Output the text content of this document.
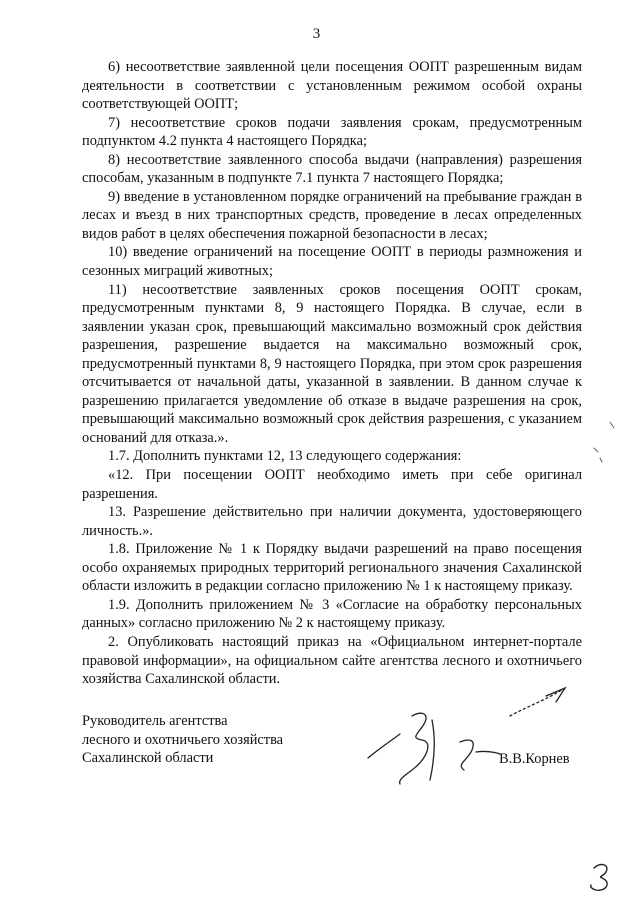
3

6) несоответствие заявленной цели посещения ООПТ разрешенным видам деятельности в соответствии с установленным режимом особой охраны соответствующей ООПТ;

7) несоответствие сроков подачи заявления срокам, предусмотренным подпунктом 4.2 пункта 4 настоящего Порядка;

8) несоответствие заявленного способа выдачи (направления) разрешения способам, указанным в подпункте 7.1 пункта 7 настоящего Порядка;

9) введение в установленном порядке ограничений на пребывание граждан в лесах и въезд в них транспортных средств, проведение в лесах определенных видов работ в целях обеспечения пожарной безопасности в лесах;

10) введение ограничений на посещение ООПТ в периоды размножения и сезонных миграций животных;

11) несоответствие заявленных сроков посещения ООПТ срокам, предусмотренным пунктами 8, 9 настоящего Порядка. В случае, если в заявлении указан срок, превышающий максимально возможный срок действия разрешения, разрешение выдается на максимально возможный срок, предусмотренный пунктами 8, 9 настоящего Порядка, при этом срок разрешения отсчитывается от начальной даты, указанной в заявлении. В данном случае к разрешению прилагается уведомление об отказе в выдаче разрешения на срок, превышающий максимально возможный срок действия разрешения, с указанием оснований для отказа.».

1.7. Дополнить пунктами 12, 13 следующего содержания:

«12. При посещении ООПТ необходимо иметь при себе оригинал разрешения.

13. Разрешение действительно при наличии документа, удостоверяющего личность.».

1.8. Приложение № 1 к Порядку выдачи разрешений на право посещения особо охраняемых природных территорий регионального значения Сахалинской области изложить в редакции согласно приложению № 1 к настоящему приказу.

1.9. Дополнить приложением № 3 «Согласие на обработку персональных данных» согласно приложению № 2 к настоящему приказу.

2. Опубликовать настоящий приказ на «Официальном интернет-портале правовой информации», на официальном сайте агентства лесного и охотничьего хозяйства Сахалинской области.

Руководитель агентства
лесного и охотничьего хозяйства
Сахалинской области	В.В.Корнев
